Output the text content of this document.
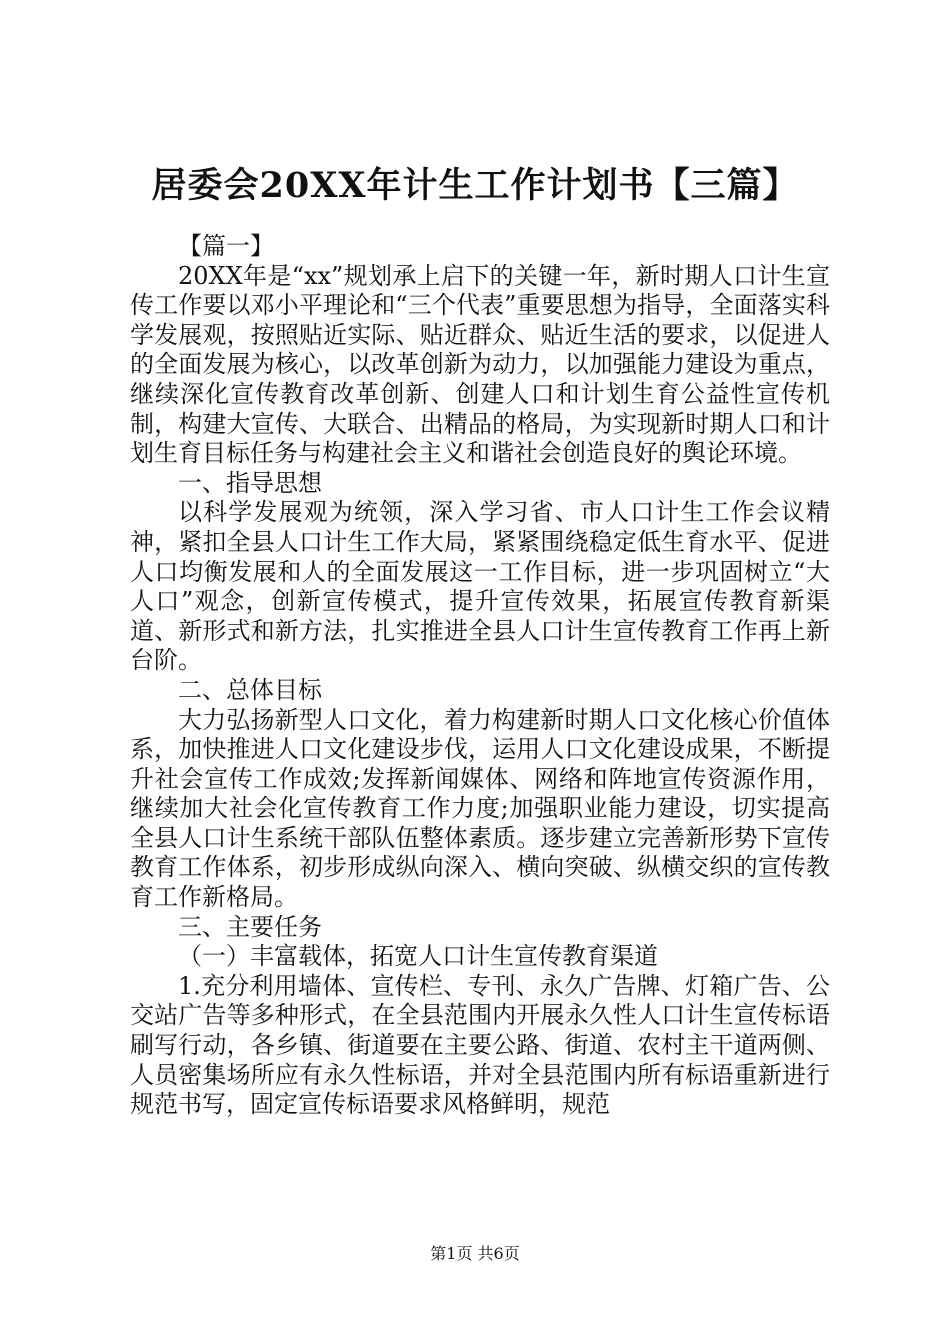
居委会20XX年计生工作计划书【三篇】

【篇一】

20XX年是“xx”规划承上启下的关键一年，新时期人口计生宣传工作要以邓小平理论和“三个代表”重要思想为指导，全面落实科学发展观，按照贴近实际、贴近群众、贴近生活的要求，以促进人的全面发展为核心，以改革创新为动力，以加强能力建设为重点，继续深化宣传教育改革创新、创建人口和计划生育公益性宣传机制，构建大宣传、大联合、出精品的格局，为实现新时期人口和计划生育目标任务与构建社会主义和谐社会创造良好的舆论环境。

一、指导思想

以科学发展观为统领，深入学习省、市人口计生工作会议精神，紧扣全县人口计生工作大局，紧紧围绕稳定低生育水平、促进人口均衡发展和人的全面发展这一工作目标，进一步巩固树立“大人口”观念，创新宣传模式，提升宣传效果，拓展宣传教育新渠道、新形式和新方法，扎实推进全县人口计生宣传教育工作再上新台阶。

二、总体目标

大力弘扬新型人口文化，着力构建新时期人口文化核心价值体系，加快推进人口文化建设步伐，运用人口文化建设成果，不断提升社会宣传工作成效;发挥新闻媒体、网络和阵地宣传资源作用，继续加大社会化宣传教育工作力度;加强职业能力建设，切实提高全县人口计生系统干部队伍整体素质。逐步建立完善新形势下宣传教育工作体系，初步形成纵向深入、横向突破、纵横交织的宣传教育工作新格局。

三、主要任务

（一）丰富载体，拓宽人口计生宣传教育渠道

1.充分利用墙体、宣传栏、专刊、永久广告牌、灯箱广告、公交站广告等多种形式，在全县范围内开展永久性人口计生宣传标语刷写行动，各乡镇、街道要在主要公路、街道、农村主干道两侧、人员密集场所应有永久性标语，并对全县范围内所有标语重新进行规范书写，固定宣传标语要求风格鲜明，规范

第1页 共6页
